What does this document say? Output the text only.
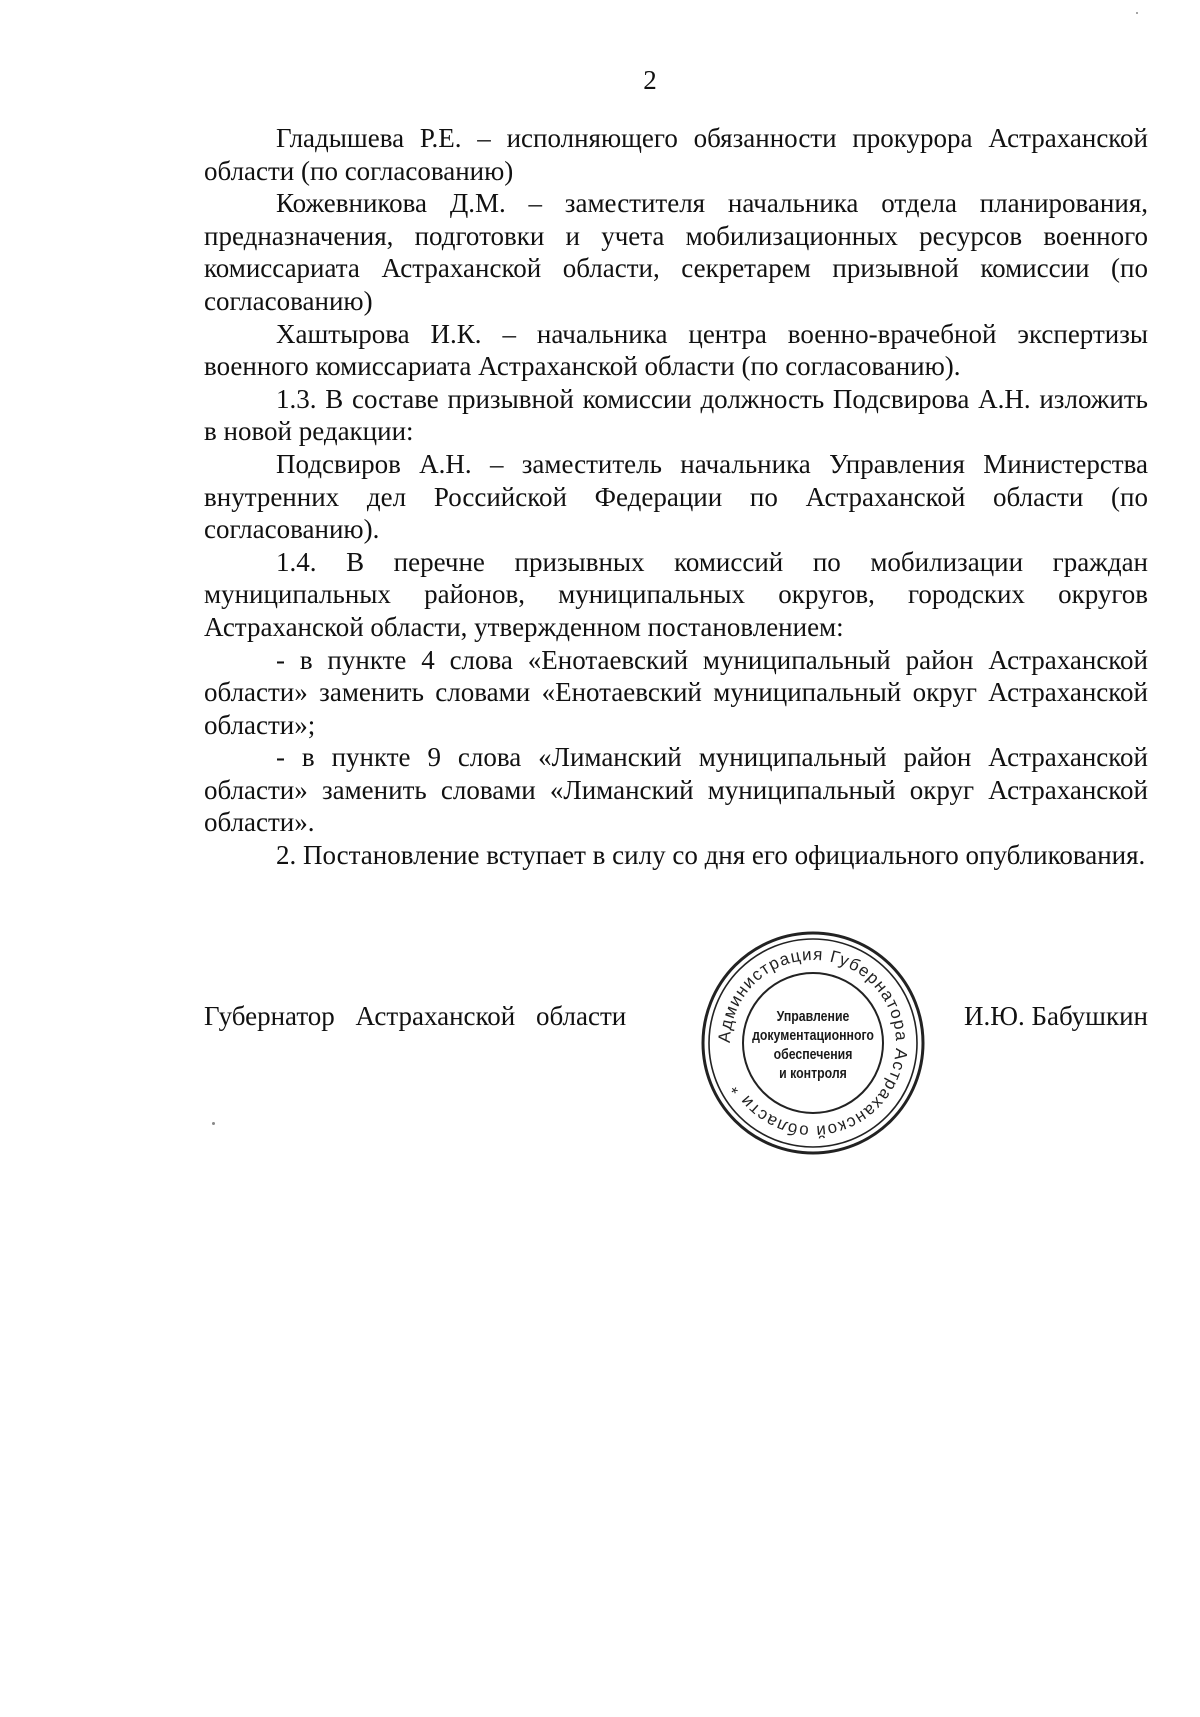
2

Гладышева Р.Е. – исполняющего обязанности прокурора Астраханской области (по согласованию)

Кожевникова Д.М. – заместителя начальника отдела планирования, предназначения, подготовки и учета мобилизационных ресурсов военного комиссариата Астраханской области, секретарем призывной комиссии (по согласованию)

Хаштырова И.К. – начальника центра военно-врачебной экспертизы военного комиссариата Астраханской области (по согласованию).

1.3. В составе призывной комиссии должность Подсвирова А.Н. изложить в новой редакции:

Подсвиров А.Н. – заместитель начальника Управления Министерства внутренних дел Российской Федерации по Астраханской области (по согласованию).

1.4. В перечне призывных комиссий по мобилизации граждан муниципальных районов, муниципальных округов, городских округов Астраханской области, утвержденном постановлением:

- в пункте 4 слова «Енотаевский муниципальный район Астраханской области» заменить словами «Енотаевский муниципальный округ Астраханской области»;

- в пункте 9 слова «Лиманский муниципальный район Астраханской области» заменить словами «Лиманский муниципальный округ Астраханской области».

2. Постановление вступает в силу со дня его официального опубликования.

Губернатор Астраханской области	И.Ю. Бабушкин
Администрация Губернатора Астраханской области *
Управление
документационного
обеспечения
и контроля
